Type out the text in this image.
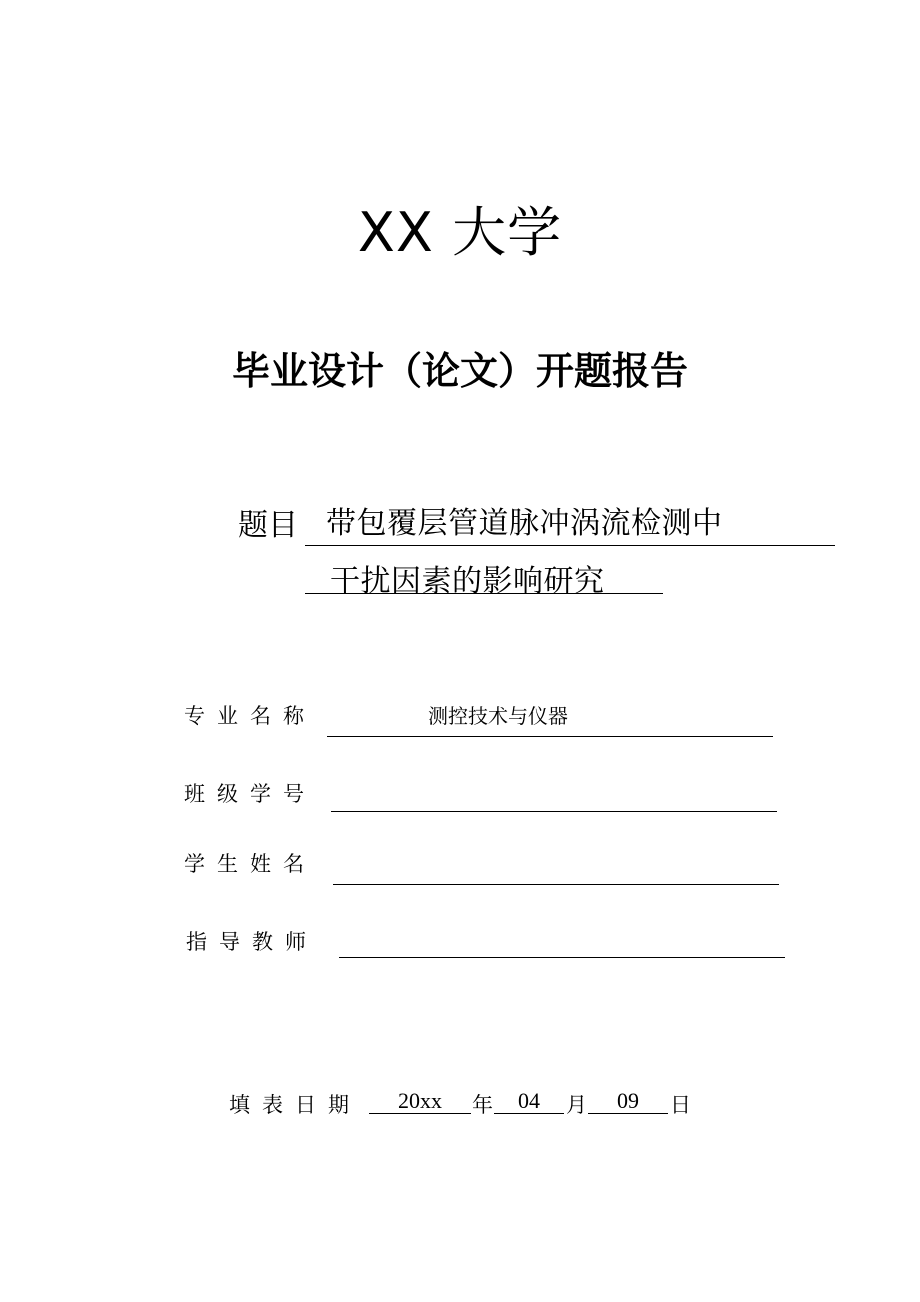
XX 大学
毕业设计（论文）开题报告
题目 带包覆层管道脉冲涡流检测中
干扰因素的影响研究
专业名称	测控技术与仪器
班级学号
学生姓名
指导教师
填表日期	20xx	年	04	月	09	日
